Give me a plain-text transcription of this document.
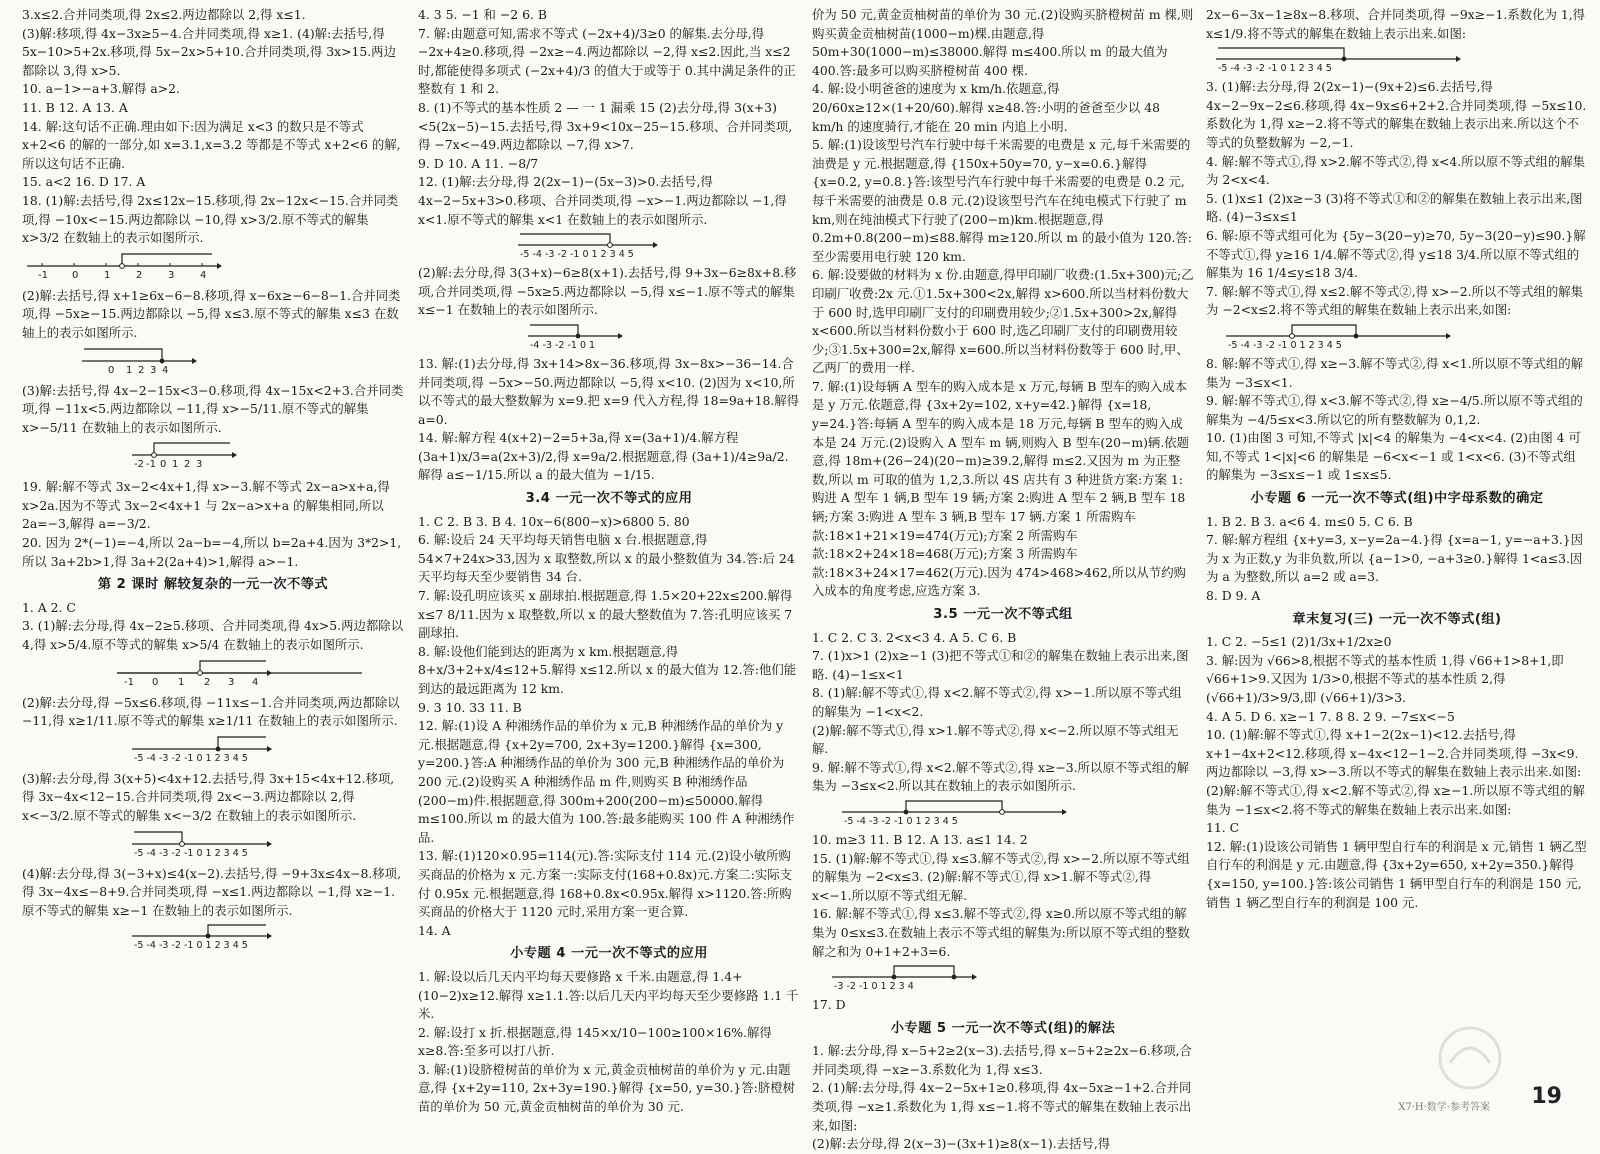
3.x≤2.合并同类项,得 2x≤2.两边都除以 2,得 x≤1.

(3)解:移项,得 4x−3x≥5−4.合并同类项,得 x≥1. (4)解:去括号,得 5x−10>5+2x.移项,得 5x−2x>5+10.合并同类项,得 3x>15.两边都除以 3,得 x>5.

10. a−1>−a+3.解得 a>2.

11. B 12. A 13. A

14. 解:这句话不正确.理由如下:因为满足 x<3 的数只是不等式 x+2<6 的解的一部分,如 x=3.1,x=3.2 等都是不等式 x+2<6 的解,所以这句话不正确.

15. a<2 16. D 17. A

18. (1)解:去括号,得 2x≤12x−15.移项,得 2x−12x<−15.合并同类项,得 −10x<−15.两边都除以 −10,得 x>3/2.原不等式的解集 x>3/2 在数轴上的表示如图所示.

-1 0	1	2	3	4

(2)解:去括号,得 x+1≥6x−6−8.移项,得 x−6x≥−6−8−1.合并同类项,得 −5x≥−15.两边都除以 −5,得 x≤3.原不等式的解集 x≤3 在数轴上的表示如图所示.

0 1 2 3 4

(3)解:去括号,得 4x−2−15x<3−0.移项,得 4x−15x<2+3.合并同类项,得 −11x<5.两边都除以 −11,得 x>−5/11.原不等式的解集 x>−5/11 在数轴上的表示如图所示.

-2 -1 0 1 2 3

19. 解:解不等式 3x−2<4x+1,得 x>−3.解不等式 2x−a>x+a,得 x>2a.因为不等式 3x−2<4x+1 与 2x−a>x+a 的解集相同,所以 2a=−3,解得 a=−3/2.

20. 因为 2*(−1)=−4,所以 2a−b=−4,所以 b=2a+4.因为 3*2>1,所以 3a+2b>1,得 3a+2(2a+4)>1,解得 a>−1.

第 2 课时 解较复杂的一元一次不等式

1. A 2. C

3. (1)解:去分母,得 4x−2≥5.移项、合并同类项,得 4x>5.两边都除以 4,得 x>5/4.原不等式的解集 x>5/4 在数轴上的表示如图所示.

-1 0 1 2 3 4

(2)解:去分母,得 −5x≤6.移项,得 −11x≤−1.合并同类项,两边都除以 −11,得 x≥1/11.原不等式的解集 x≥1/11 在数轴上的表示如图所示.

-5 -4 -3 -2 -1 0 1 2 3 4 5

(3)解:去分母,得 3(x+5)<4x+12.去括号,得 3x+15<4x+12.移项,得 3x−4x<12−15.合并同类项,得 2x<−3.两边都除以 2,得 x<−3/2.原不等式的解集 x<−3/2 在数轴上的表示如图所示.

-5 -4 -3 -2 -1 0 1 2 3 4 5

(4)解:去分母,得 3(−3+x)≤4(x−2).去括号,得 −9+3x≤4x−8.移项,得 3x−4x≤−8+9.合并同类项,得 −x≤1.两边都除以 −1,得 x≥−1.原不等式的解集 x≥−1 在数轴上的表示如图所示.

-5 -4 -3 -2 -1 0 1 2 3 4 5

4. 3 5. −1 和 −2 6. B

7. 解:由题意可知,需求不等式 (−2x+4)/3≥0 的解集.去分母,得 −2x+4≥0.移项,得 −2x≥−4.两边都除以 −2,得 x≤2.因此,当 x≤2 时,都能使得多项式 (−2x+4)/3 的值大于或等于 0.其中满足条件的正整数有 1 和 2.

8. (1)不等式的基本性质 2 — 一 1 漏乘 15 (2)去分母,得 3(x+3)<5(2x−5)−15.去括号,得 3x+9<10x−25−15.移项、合并同类项,得 −7x<−49.两边都除以 −7,得 x>7.

9. D 10. A 11. −8/7

12. (1)解:去分母,得 2(2x−1)−(5x−3)>0.去括号,得 4x−2−5x+3>0.移项、合并同类项,得 −x>−1.两边都除以 −1,得 x<1.原不等式的解集 x<1 在数轴上的表示如图所示.

-5 -4 -3 -2 -1 0 1 2 3 4 5

(2)解:去分母,得 3(3+x)−6≥8(x+1).去括号,得 9+3x−6≥8x+8.移项,合并同类项,得 −5x≥5.两边都除以 −5,得 x≤−1.原不等式的解集 x≤−1 在数轴上的表示如图所示.

-4 -3 -2 -1 0 1

13. 解:(1)去分母,得 3x+14>8x−36.移项,得 3x−8x>−36−14.合并同类项,得 −5x>−50.两边都除以 −5,得 x<10. (2)因为 x<10,所以不等式的最大整数解为 x=9.把 x=9 代入方程,得 18=9a+18.解得 a=0.

14. 解:解方程 4(x+2)−2=5+3a,得 x=(3a+1)/4.解方程 (3a+1)x/3=a(2x+3)/2,得 x=9a/2.根据题意,得 (3a+1)/4≥9a/2.解得 a≤−1/15.所以 a 的最大值为 −1/15.

3.4 一元一次不等式的应用

1. C 2. B 3. B 4. 10x−6(800−x)>6800 5. 80

6. 解:设后 24 天平均每天销售电脑 x 台.根据题意,得 54×7+24x>33,因为 x 取整数,所以 x 的最小整数值为 34.答:后 24 天平均每天至少要销售 34 台.

7. 解:设孔明应该买 x 副球拍.根据题意,得 1.5×20+22x≤200.解得 x≤7 8/11.因为 x 取整数,所以 x 的最大整数值为 7.答:孔明应该买 7 副球拍.

8. 解:设他们能到达的距离为 x km.根据题意,得 8+x/3+2+x/4≤12+5.解得 x≤12.所以 x 的最大值为 12.答:他们能到达的最远距离为 12 km.

9. 3 10. 33 11. B

12. 解:(1)设 A 种湘绣作品的单价为 x 元,B 种湘绣作品的单价为 y 元.根据题意,得 {x+2y=700, 2x+3y=1200.}解得 {x=300, y=200.}答:A 种湘绣作品的单价为 300 元,B 种湘绣作品的单价为 200 元.(2)设购买 A 种湘绣作品 m 件,则购买 B 种湘绣作品(200−m)件.根据题意,得 300m+200(200−m)≤50000.解得 m≤100.所以 m 的最大值为 100.答:最多能购买 100 件 A 种湘绣作品.

13. 解:(1)120×0.95=114(元).答:实际支付 114 元.(2)设小敏所购买商品的价格为 x 元.方案一:实际支付(168+0.8x)元.方案二:实际支付 0.95x 元.根据题意,得 168+0.8x<0.95x.解得 x>1120.答:所购买商品的价格大于 1120 元时,采用方案一更合算.

14. A

小专题 4 一元一次不等式的应用

1. 解:设以后几天内平均每天要修路 x 千米.由题意,得 1.4+(10−2)x≥12.解得 x≥1.1.答:以后几天内平均每天至少要修路 1.1 千米.

2. 解:设打 x 折.根据题意,得 145×x/10−100≥100×16%.解得 x≥8.答:至多可以打八折.

3. 解:(1)设脐橙树苗的单价为 x 元,黄金贡柚树苗的单价为 y 元.由题意,得 {x+2y=110, 2x+3y=190.}解得 {x=50, y=30.}答:脐橙树苗的单价为 50 元,黄金贡柚树苗的单价为 30 元.

价为 50 元,黄金贡柚树苗的单价为 30 元.(2)设购买脐橙树苗 m 棵,则购买黄金贡柚树苗(1000−m)棵.由题意,得 50m+30(1000−m)≤38000.解得 m≤400.所以 m 的最大值为 400.答:最多可以购买脐橙树苗 400 棵.

4. 解:设小明爸爸的速度为 x km/h.依题意,得 20/60x≥12×(1+20/60).解得 x≥48.答:小明的爸爸至少以 48 km/h 的速度骑行,才能在 20 min 内追上小明.

5. 解:(1)设该型号汽车行驶中每千米需要的电费是 x 元,每千米需要的油费是 y 元.根据题意,得 {150x+50y=70, y−x=0.6.}解得 {x=0.2, y=0.8.}答:该型号汽车行驶中每千米需要的电费是 0.2 元,每千米需要的油费是 0.8 元.(2)设该型号汽车在纯电模式下行驶了 m km,则在纯油模式下行驶了(200−m)km.根据题意,得 0.2m+0.8(200−m)≤88.解得 m≥120.所以 m 的最小值为 120.答:至少需要用电行驶 120 km.

6. 解:设要做的材料为 x 份.由题意,得甲印刷厂收费:(1.5x+300)元;乙印刷厂收费:2x 元.①1.5x+300<2x,解得 x>600.所以当材料份数大于 600 时,选甲印刷厂支付的印刷费用较少;②1.5x+300>2x,解得 x<600.所以当材料份数小于 600 时,选乙印刷厂支付的印刷费用较少;③1.5x+300=2x,解得 x=600.所以当材料份数等于 600 时,甲、乙两厂的费用一样.

7. 解:(1)设每辆 A 型车的购入成本是 x 万元,每辆 B 型车的购入成本是 y 万元.依题意,得 {3x+2y=102, x+y=42.}解得 {x=18, y=24.}答:每辆 A 型车的购入成本是 18 万元,每辆 B 型车的购入成本是 24 万元.(2)设购入 A 型车 m 辆,则购入 B 型车(20−m)辆.依题意,得 18m+(26−24)(20−m)≥39.2,解得 m≤2.又因为 m 为正整数,所以 m 可取的值为 1,2,3.所以 4S 店共有 3 种进货方案:方案 1:购进 A 型车 1 辆,B 型车 19 辆;方案 2:购进 A 型车 2 辆,B 型车 18 辆;方案 3:购进 A 型车 3 辆,B 型车 17 辆.方案 1 所需购车款:18×1+21×19=474(万元);方案 2 所需购车款:18×2+24×18=468(万元);方案 3 所需购车款:18×3+24×17=462(万元).因为 474>468>462,所以从节约购入成本的角度考虑,应选方案 3.

3.5 一元一次不等式组

1. C 2. C 3. 2<x<3 4. A 5. C 6. B

7. (1)x>1 (2)x≥−1 (3)把不等式①和②的解集在数轴上表示出来,图略. (4)−1≤x<1

8. (1)解:解不等式①,得 x<2.解不等式②,得 x>−1.所以原不等式组的解集为 −1<x<2.

(2)解:解不等式①,得 x>1.解不等式②,得 x<−2.所以原不等式组无解.

9. 解:解不等式①,得 x<2.解不等式②,得 x≥−3.所以原不等式组的解集为 −3≤x<2.所以其在数轴上的表示如图所示.

-5 -4 -3 -2 -1 0 1 2 3 4 5

10. m≥3 11. B 12. A 13. a≤1 14. 2

15. (1)解:解不等式①,得 x≤3.解不等式②,得 x>−2.所以原不等式组的解集为 −2<x≤3. (2)解:解不等式①,得 x>1.解不等式②,得 x<−1.所以原不等式组无解.

16. 解:解不等式①,得 x≤3.解不等式②,得 x≥0.所以原不等式组的解集为 0≤x≤3.在数轴上表示不等式组的解集为:所以原不等式组的整数解之和为 0+1+2+3=6.

-3 -2 -1 0 1 2 3 4

17. D

小专题 5 一元一次不等式(组)的解法

1. 解:去分母,得 x−5+2≥2(x−3).去括号,得 x−5+2≥2x−6.移项,合并同类项,得 −x≥−3.系数化为 1,得 x≤3.

2. (1)解:去分母,得 4x−2−5x+1≥0.移项,得 4x−5x≥−1+2.合并同类项,得 −x≥1.系数化为 1,得 x≤−1.将不等式的解集在数轴上表示出来,如图:

(2)解:去分母,得 2(x−3)−(3x+1)≥8(x−1).去括号,得

2x−6−3x−1≥8x−8.移项、合并同类项,得 −9x≥−1.系数化为 1,得 x≤1/9.将不等式的解集在数轴上表示出来.如图:

-5 -4 -3 -2 -1 0 1 2 3 4 5

3. (1)解:去分母,得 2(2x−1)−(9x+2)≤6.去括号,得 4x−2−9x−2≤6.移项,得 4x−9x≤6+2+2.合并同类项,得 −5x≤10.系数化为 1,得 x≥−2.将不等式的解集在数轴上表示出来.所以这个不等式的负整数解为 −2,−1.

4. 解:解不等式①,得 x>2.解不等式②,得 x<4.所以原不等式组的解集为 2<x<4.

5. (1)x≤1 (2)x≥−3 (3)将不等式①和②的解集在数轴上表示出来,图略. (4)−3≤x≤1

6. 解:原不等式组可化为 {5y−3(20−y)≥70, 5y−3(20−y)≤90.}解不等式①,得 y≥16 1/4.解不等式②,得 y≤18 3/4.所以原不等式组的解集为 16 1/4≤y≤18 3/4.

7. 解:解不等式①,得 x≤2.解不等式②,得 x>−2.所以不等式组的解集为 −2<x≤2.将不等式组的解集在数轴上表示出来,如图:

-5 -4 -3 -2 -1 0 1 2 3 4 5

8. 解:解不等式①,得 x≥−3.解不等式②,得 x<1.所以原不等式组的解集为 −3≤x<1.

9. 解:解不等式①,得 x<3.解不等式②,得 x≥−4/5.所以原不等式组的解集为 −4/5≤x<3.所以它的所有整数解为 0,1,2.

10. (1)由图 3 可知,不等式 |x|<4 的解集为 −4<x<4. (2)由图 4 可知,不等式 1<|x|<6 的解集是 −6<x<−1 或 1<x<6. (3)不等式组的解集为 −3≤x≤−1 或 1≤x≤5.

小专题 6 一元一次不等式(组)中字母系数的确定

1. B 2. B 3. a<6 4. m≤0 5. C 6. B

7. 解:解方程组 {x+y=3, x−y=2a−4.}得 {x=a−1, y=−a+3.}因为 x 为正数,y 为非负数,所以 {a−1>0, −a+3≥0.}解得 1<a≤3.因为 a 为整数,所以 a=2 或 a=3.

8. D 9. A

章末复习(三) 一元一次不等式(组)

1. C 2. −5≤1 (2)1/3x+1/2x≥0

3. 解:因为 √66>8,根据不等式的基本性质 1,得 √66+1>8+1,即 √66+1>9.又因为 1/3>0,根据不等式的基本性质 2,得 (√66+1)/3>9/3,即 (√66+1)/3>3.

4. A 5. D 6. x≥−1 7. 8 8. 2 9. −7≤x<−5

10. (1)解:解不等式①,得 x+1−2(2x−1)<12.去括号,得 x+1−4x+2<12.移项,得 x−4x<12−1−2.合并同类项,得 −3x<9.两边都除以 −3,得 x>−3.所以不等式的解集在数轴上表示出来.如图:

(2)解:解不等式①,得 x<2.解不等式②,得 x≥−1.所以原不等式组的解集为 −1≤x<2.将不等式的解集在数轴上表示出来.如图:

11. C

12. 解:(1)设该公司销售 1 辆甲型自行车的利润是 x 元,销售 1 辆乙型自行车的利润是 y 元.由题意,得 {3x+2y=650, x+2y=350.}解得 {x=150, y=100.}答:该公司销售 1 辆甲型自行车的利润是 150 元,销售 1 辆乙型自行车的利润是 100 元.

X7·H·数学·参考答案 19
